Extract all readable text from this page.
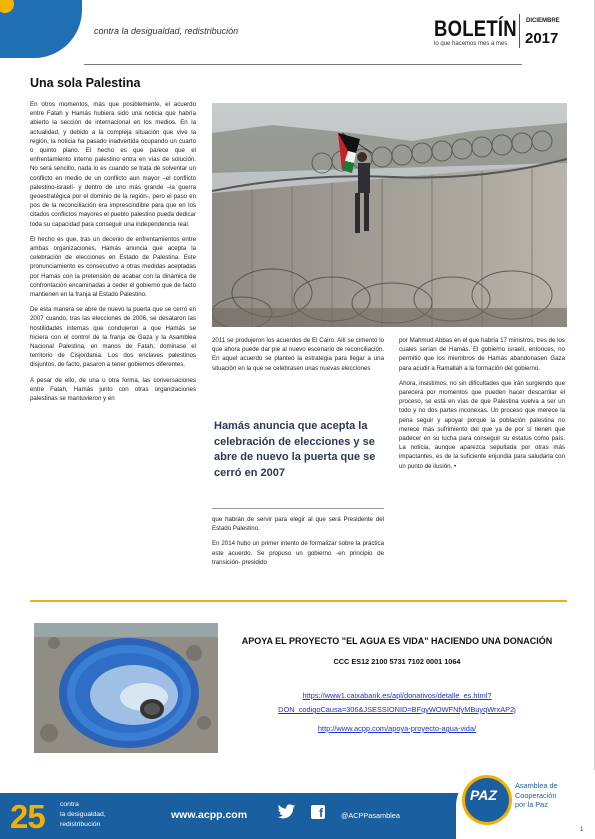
contra la desigualdad, redistribución	BOLETÍN
lo que hacemos mes a mes
DICIEMBRE
2017
Una sola Palestina

En otros momentos, más que posiblemente, el acuerdo entre Fatah y Hamás hubiera sido una noticia que habría abierto la sección de internacional en los medios. En la actualidad, y debido a la compleja situación que vive la región, la noticia ha pasado inadvertida ocupando un cuarto o quinto plano. El hecho es que parece que el enfrentamiento interno palestino entra en vías de solución. No será sencillo, nada lo es cuando se trata de solventar un conflicto en medio de un conflicto aun mayor –el conflicto palestino-israelí- y dentro de uno más grande –la guerra geoestratégica por el dominio de la región-, pero el paso en pos de la reconciliación era imprescindible para que en los citados conflictos mayores el pueblo palestino pueda dedicar toda su capacidad para conseguir una independencia real.

El hecho es que, tras un decenio de enfrentamientos entre ambas organizaciones, Hamás anuncia que acepta la celebración de elecciones en Estado de Palestina. Este pronunciamiento es consecutivo a otras medidas aceptadas por Hamás con la pretensión de acabar con la dinámica de confrontación encaminadas a ceder el gobierno que de facto mantienen en la franja al Estado Palestino.

De esta manera se abre de nuevo la puerta que se cerró en 2007 cuando, tras las elecciones de 2006, se desataron las hostilidades internas que condujeron a que Hamás se hiciera con el control de la franja de Gaza y la Asamblea Nacional Palestina, en manos de Fatah, dominase el territorio de Cisjordania. Los dos enclaves palestinos disjuntos, de facto, pasaron a tener gobiernos diferentes.

A pesar de ello, de una u otra forma, las conversaciones entre Fatah, Hamás junto con otras organizaciones palestinas se mantuvieron y en

2011 se produjeron los acuerdos de El Cairo. Allí se cimentó lo que ahora puede dar pie al nuevo escenario de reconciliación. En aquel acuerdo se planteó la estrategia para llegar a una situación en la que se celebrasen unas nuevas elecciones

Hamás anuncia que acepta la celebración de elecciones y se abre de nuevo la puerta que se cerró en 2007

que habrán de servir para elegir al que será Presidente del Estado Palestino.

En 2014 hubo un primer intento de formalizar sobre la práctica este acuerdo. Se propuso un gobierno -en principio de transición- presidido

por Mahmud Abbas en el que habría 17 ministros, tres de los cuales serían de Hamás. El gobierno israelí, entonces, no permitió que los miembros de Hamás abandonasen Gaza para acudir a Ramallah a la formación del gobierno.

Ahora, insistimos, no sin dificultades que irán surgiendo que parecerá por momentos que pueden hacer descarrilar el proceso, se está en vías de que Palestina vuelva a ser un todo y no dos partes inconexas. Un proceso que merece la pena seguir y apoyar porque la población palestina no merece más sufrimiento del que ya de por sí tienen que padecer en su lucha para conseguir su estatus como país. La noticia, aunque aparezca sepultada por otras más impactantes, es de la suficiente enjundia para saludarla con un punto de ilusión. •

APOYA EL PROYECTO "EL AGUA ES VIDA" HACIENDO UNA DONACIÓN
CCC ES12 2100 5731 7102 0001 1064
https://www1.caixabank.es/apl/donativos/detalle_es.html?
DON_codigoCausa=306&JSESSIONID=BFgyWOWFNfyMBuyqWrxAP2j
http://www.acpp.com/apoya-proyecto-agua-vida/
25 contra
la desigualdad,
redistribución
www.acpp.com	f @ACPPasamblea
PAZ
Asamblea de
Cooperación
por la Paz
1
